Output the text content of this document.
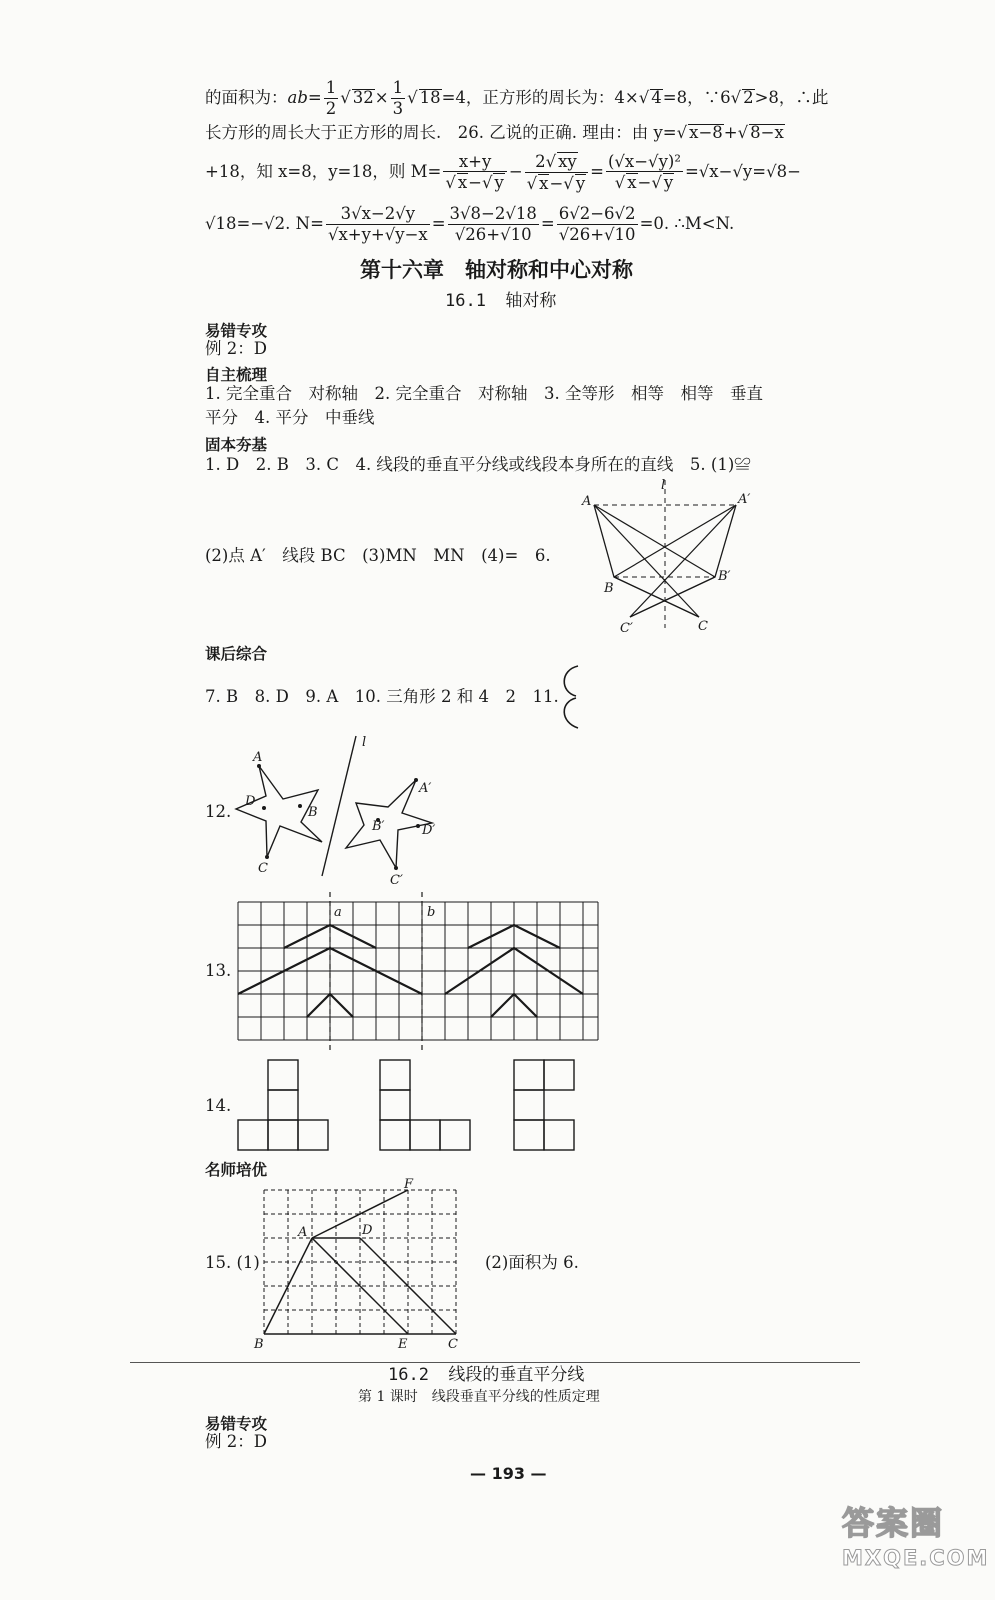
的面积为： ab = $\frac{1}{2}$ √ $32 \times \frac{1}{3}$ √ 18 =4，正方形的周长为：4× √ 4 =8，∵6 √ 2 >8，∴此
长方形的周长大于正方形的周长.　26. 乙说的正确. 理由：由 y= √ x−8 + √ 8−x
+18，知 x=8，y=18，则 $M= \frac{x+y}{√ x-√ y} - \frac{2√ xy}{√ x-√ y} = \frac{\text{(√x−√y)²}}{√ x-√ y} =√x-√y=√8-$
√18=−√2. $N= \frac{3√x-2√y}{√x+y+√y-x} = \frac{3√8-2√18}{√26+√10} = \frac{6√2-6√2}{√26+√10} =0$. ∴M<N.
第十六章　轴对称和中心对称
16.1 轴对称
易错专攻
例 2：D
自主梳理
1. 完全重合　对称轴　2. 完全重合　对称轴　3. 全等形　相等　相等　垂直
平分　4. 平分　中垂线
固本夯基
1. D　2. B　3. C　4. 线段的垂直平分线或线段本身所在的直线　5. (1)≌
(2)点 A′　线段 BC　(3)MN　MN　(4)=　6.
l
A	A′
B
B′
C′	C
课后综合
7. B　8. D　9. A　10. 三角形 2 和 4　2　11.
12.
l
A
B
C
D
A′
B′
C′
D′
13.
a	b
14.
名师培优
15. (1)	(2)面积为 6.
A
B	C
D
E
F
16.2 线段的垂直平分线
第 1 课时　线段垂直平分线的性质定理
易错专攻
例 2：D
— 193 —
答案圈
MXQE.COM
